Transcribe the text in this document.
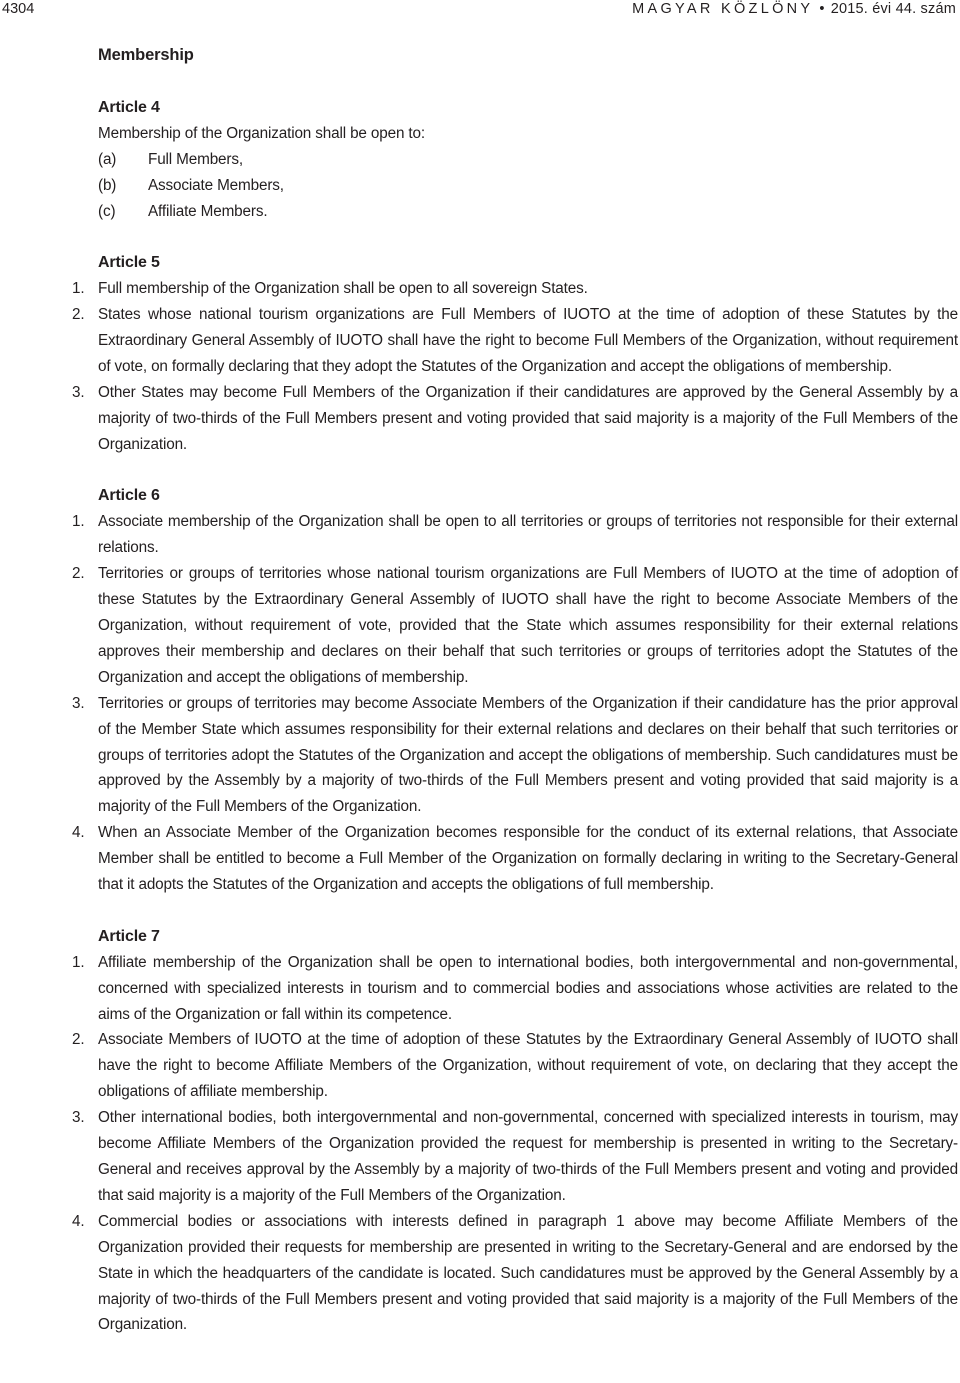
4304	MAGYAR KÖZLÖNY • 2015. évi 44. szám
Membership
Article 4

Membership of the Organization shall be open to:

(a)	Full Members,
(b)	Associate Members,
(c)	Affiliate Members.
Article 5

1. Full membership of the Organization shall be open to all sovereign States.

2. States whose national tourism organizations are Full Members of IUOTO at the time of adoption of these Statutes by the Extraordinary General Assembly of IUOTO shall have the right to become Full Members of the Organization, without requirement of vote, on formally declaring that they adopt the Statutes of the Organization and accept the obligations of membership.

3. Other States may become Full Members of the Organization if their candidatures are approved by the General Assembly by a majority of two-thirds of the Full Members present and voting provided that said majority is a majority of the Full Members of the Organization.

Article 6

1. Associate membership of the Organization shall be open to all territories or groups of territories not responsible for their external relations.

2. Territories or groups of territories whose national tourism organizations are Full Members of IUOTO at the time of adoption of these Statutes by the Extraordinary General Assembly of IUOTO shall have the right to become Associate Members of the Organization, without requirement of vote, provided that the State which assumes responsibility for their external relations approves their membership and declares on their behalf that such territories or groups of territories adopt the Statutes of the Organization and accept the obligations of membership.

3. Territories or groups of territories may become Associate Members of the Organization if their candidature has the prior approval of the Member State which assumes responsibility for their external relations and declares on their behalf that such territories or groups of territories adopt the Statutes of the Organization and accept the obligations of membership. Such candidatures must be approved by the Assembly by a majority of two-thirds of the Full Members present and voting provided that said majority is a majority of the Full Members of the Organization.

4. When an Associate Member of the Organization becomes responsible for the conduct of its external relations, that Associate Member shall be entitled to become a Full Member of the Organization on formally declaring in writing to the Secretary-General that it adopts the Statutes of the Organization and accepts the obligations of full membership.

Article 7

1. Affiliate membership of the Organization shall be open to international bodies, both intergovernmental and non-governmental, concerned with specialized interests in tourism and to commercial bodies and associations whose activities are related to the aims of the Organization or fall within its competence.

2. Associate Members of IUOTO at the time of adoption of these Statutes by the Extraordinary General Assembly of IUOTO shall have the right to become Affiliate Members of the Organization, without requirement of vote, on declaring that they accept the obligations of affiliate membership.

3. Other international bodies, both intergovernmental and non-governmental, concerned with specialized interests in tourism, may become Affiliate Members of the Organization provided the request for membership is presented in writing to the Secretary-General and receives approval by the Assembly by a majority of two-thirds of the Full Members present and voting and provided that said majority is a majority of the Full Members of the Organization.

4. Commercial bodies or associations with interests defined in paragraph 1 above may become Affiliate Members of the Organization provided their requests for membership are presented in writing to the Secretary-General and are endorsed by the State in which the headquarters of the candidate is located. Such candidatures must be approved by the General Assembly by a majority of two-thirds of the Full Members present and voting provided that said majority is a majority of the Full Members of the Organization.
